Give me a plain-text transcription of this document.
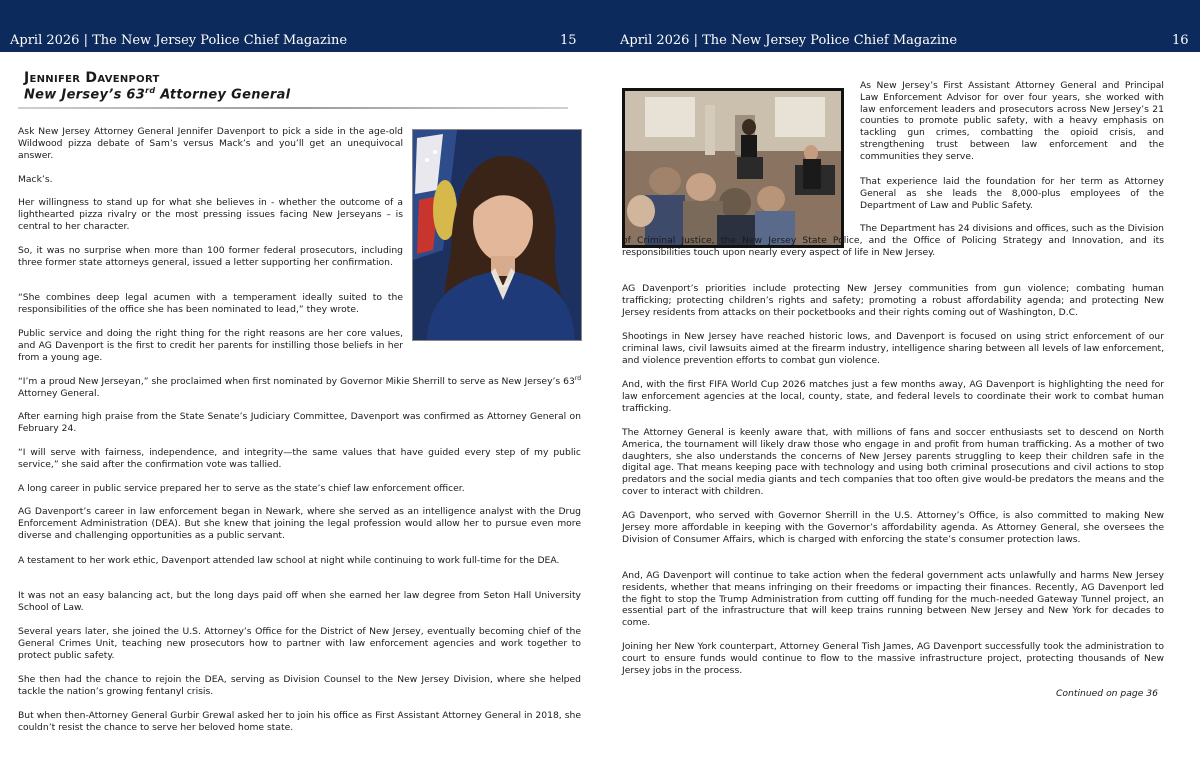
April 2026 | The New Jersey Police Chief Magazine	15
Jennifer Davenport
New Jersey’s 63rd Attorney General

Ask New Jersey Attorney General Jennifer Davenport to pick a side in the age-old Wildwood pizza debate of Sam’s versus Mack’s and you’ll get an unequivocal answer.

Mack’s.

Her willingness to stand up for what she believes in - whether the outcome of a lighthearted pizza rivalry or the most pressing issues facing New Jerseyans – is central to her character.

So, it was no surprise when more than 100 former federal prosecutors, including three former state attorneys general, issued a letter supporting her confirmation.

“She combines deep legal acumen with a temperament ideally suited to the responsibilities of the office she has been nominated to lead,” they wrote.

Public service and doing the right thing for the right reasons are her core values, and AG Davenport is the first to credit her parents for instilling those beliefs in her from a young age.

“I’m a proud New Jerseyan,” she proclaimed when first nominated by Governor Mikie Sherrill to serve as New Jersey’s 63rd Attorney General.

After earning high praise from the State Senate’s Judiciary Committee, Davenport was confirmed as Attorney General on February 24.

“I will serve with fairness, independence, and integrity—the same values that have guided every step of my public service,” she said after the confirmation vote was tallied.

A long career in public service prepared her to serve as the state’s chief law enforcement officer.

AG Davenport’s career in law enforcement began in Newark, where she served as an intelligence analyst with the Drug Enforcement Administration (DEA). But she knew that joining the legal profession would allow her to pursue even more diverse and challenging opportunities as a public servant.

A testament to her work ethic, Davenport attended law school at night while continuing to work full-time for the DEA.

It was not an easy balancing act, but the long days paid off when she earned her law degree from Seton Hall University School of Law.

Several years later, she joined the U.S. Attorney’s Office for the District of New Jersey, eventually becoming chief of the General Crimes Unit, teaching new prosecutors how to partner with law enforcement agencies and work together to protect public safety.

She then had the chance to rejoin the DEA, serving as Division Counsel to the New Jersey Division, where she helped tackle the nation’s growing fentanyl crisis.

But when then-Attorney General Gurbir Grewal asked her to join his office as First Assistant Attorney General in 2018, she couldn’t resist the chance to serve her beloved home state.

April 2026 | The New Jersey Police Chief Magazine	16

As New Jersey’s First Assistant Attorney General and Principal Law Enforcement Advisor for over four years, she worked with law enforcement leaders and prosecutors across New Jersey’s 21 counties to promote public safety, with a heavy emphasis on tackling gun crimes, combatting the opioid crisis, and strengthening trust between law enforcement and the communities they serve.

That experience laid the foundation for her term as Attorney General as she leads the 8,000-plus employees of the Department of Law and Public Safety.

The Department has 24 divisions and offices, such as the Division of Criminal Justice, the New Jersey State Police, and the Office of Policing Strategy and Innovation, and its responsibilities touch upon nearly every aspect of life in New Jersey.

AG Davenport’s priorities include protecting New Jersey communities from gun violence; combating human trafficking; protecting children’s rights and safety; promoting a robust affordability agenda; and protecting New Jersey residents from attacks on their pocketbooks and their rights coming out of Washington, D.C.

Shootings in New Jersey have reached historic lows, and Davenport is focused on using strict enforcement of our criminal laws, civil lawsuits aimed at the firearm industry, intelligence sharing between all levels of law enforcement, and violence prevention efforts to combat gun violence.

And, with the first FIFA World Cup 2026 matches just a few months away, AG Davenport is highlighting the need for law enforcement agencies at the local, county, state, and federal levels to coordinate their work to combat human trafficking.

The Attorney General is keenly aware that, with millions of fans and soccer enthusiasts set to descend on North America, the tournament will likely draw those who engage in and profit from human trafficking. As a mother of two daughters, she also understands the concerns of New Jersey parents struggling to keep their children safe in the digital age. That means keeping pace with technology and using both criminal prosecutions and civil actions to stop predators and the social media giants and tech companies that too often give would-be predators the means and the cover to interact with children.

AG Davenport, who served with Governor Sherrill in the U.S. Attorney’s Office, is also committed to making New Jersey more affordable in keeping with the Governor’s affordability agenda. As Attorney General, she oversees the Division of Consumer Affairs, which is charged with enforcing the state’s consumer protection laws.

And, AG Davenport will continue to take action when the federal government acts unlawfully and harms New Jersey residents, whether that means infringing on their freedoms or impacting their finances. Recently, AG Davenport led the fight to stop the Trump Administration from cutting off funding for the much-needed Gateway Tunnel project, an essential part of the infrastructure that will keep trains running between New Jersey and New York for decades to come.

Joining her New York counterpart, Attorney General Tish James, AG Davenport successfully took the administration to court to ensure funds would continue to flow to the massive infrastructure project, protecting thousands of New Jersey jobs in the process.

Continued on page 36
